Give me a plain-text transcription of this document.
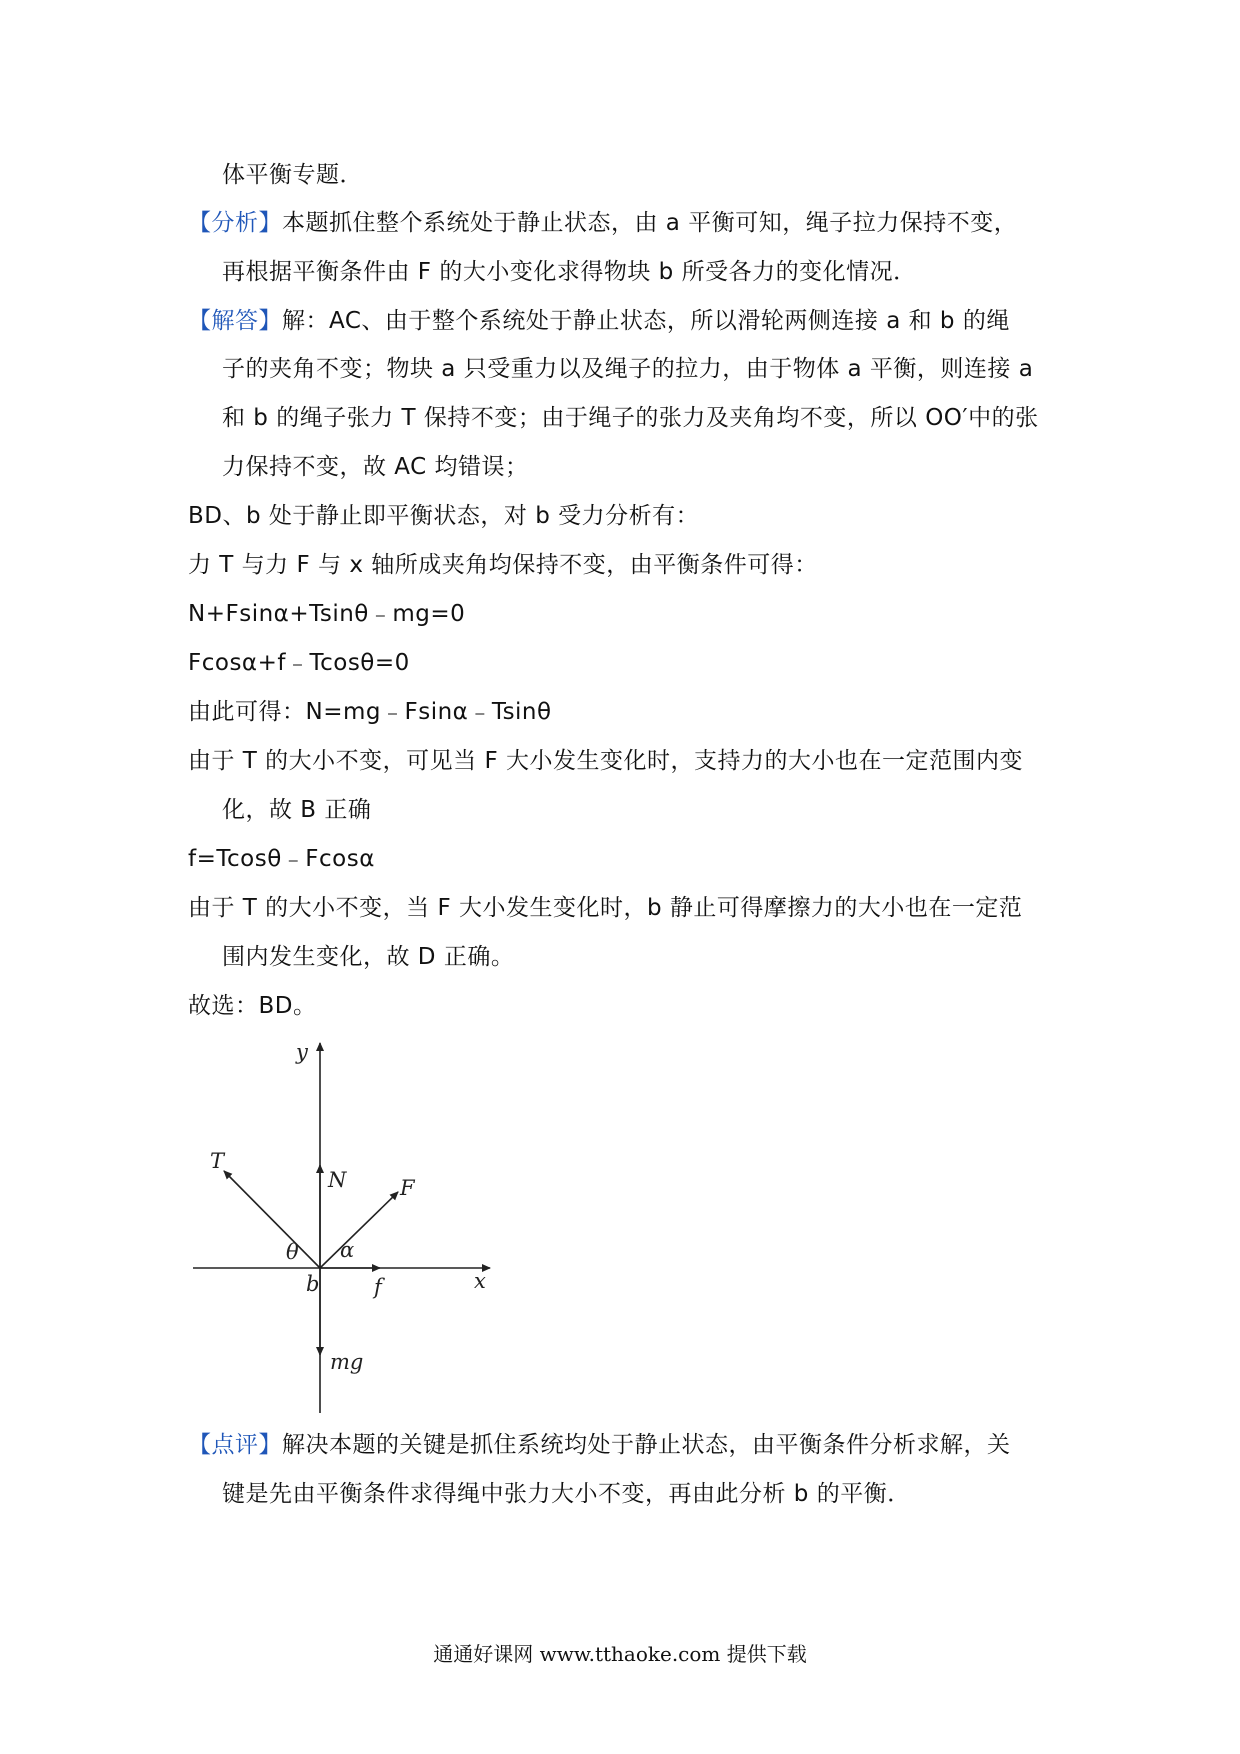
体平衡专题．
【分析】本题抓住整个系统处于静止状态，由 a 平衡可知，绳子拉力保持不变，
再根据平衡条件由 F 的大小变化求得物块 b 所受各力的变化情况．
【解答】解：AC、由于整个系统处于静止状态，所以滑轮两侧连接 a 和 b 的绳
子的夹角不变；物块 a 只受重力以及绳子的拉力，由于物体 a 平衡，则连接 a
和 b 的绳子张力 T 保持不变；由于绳子的张力及夹角均不变，所以 OO′中的张
力保持不变，故 AC 均错误；
BD、b 处于静止即平衡状态，对 b 受力分析有：
力 T 与力 F 与 x 轴所成夹角均保持不变，由平衡条件可得：
N+Fsinα+Tsinθ﹣mg=0
Fcosα+f﹣Tcosθ=0
由此可得：N=mg﹣Fsinα﹣Tsinθ
由于 T 的大小不变，可见当 F 大小发生变化时，支持力的大小也在一定范围内变
化，故 B 正确
f=Tcosθ﹣Fcosα
由于 T 的大小不变，当 F 大小发生变化时，b 静止可得摩擦力的大小也在一定范
围内发生变化，故 D 正确。
故选：BD。
y
x
T
N	F
θ α
b	f
mg
【点评】解决本题的关键是抓住系统均处于静止状态，由平衡条件分析求解，关
键是先由平衡条件求得绳中张力大小不变，再由此分析 b 的平衡．
通通好课网 www.tthaoke.com 提供下载
